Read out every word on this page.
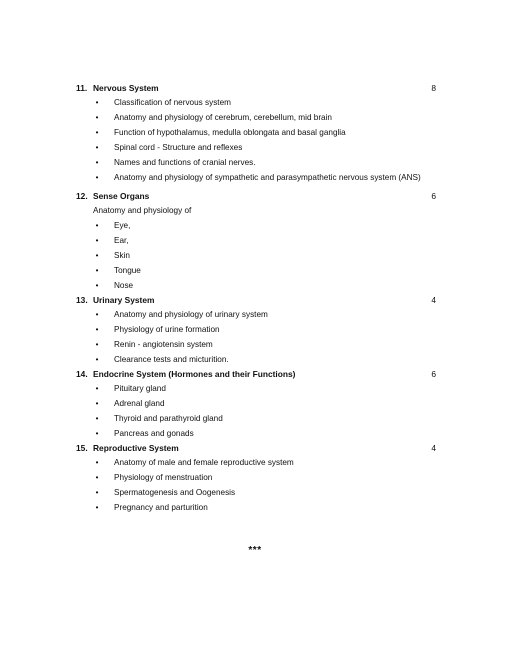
11. Nervous System	8
•	Classification of nervous system
•	Anatomy and physiology of cerebrum, cerebellum, mid brain
•	Function of hypothalamus, medulla oblongata and basal ganglia
•	Spinal cord - Structure and reflexes
•	Names and functions of cranial nerves.
•	Anatomy and physiology of sympathetic and parasympathetic nervous system (ANS)
12. Sense Organs	6
Anatomy and physiology of
•	Eye,
•	Ear,
•	Skin
•	Tongue
•	Nose
13. Urinary System	4
•	Anatomy and physiology of urinary system
•	Physiology of urine formation
•	Renin - angiotensin system
•	Clearance tests and micturition.
14. Endocrine System (Hormones and their Functions)	6
•	Pituitary gland
•	Adrenal gland
•	Thyroid and parathyroid gland
•	Pancreas and gonads
15. Reproductive System	4
•	Anatomy of male and female reproductive system
•	Physiology of menstruation
•	Spermatogenesis and Oogenesis
•	Pregnancy and parturition
***
